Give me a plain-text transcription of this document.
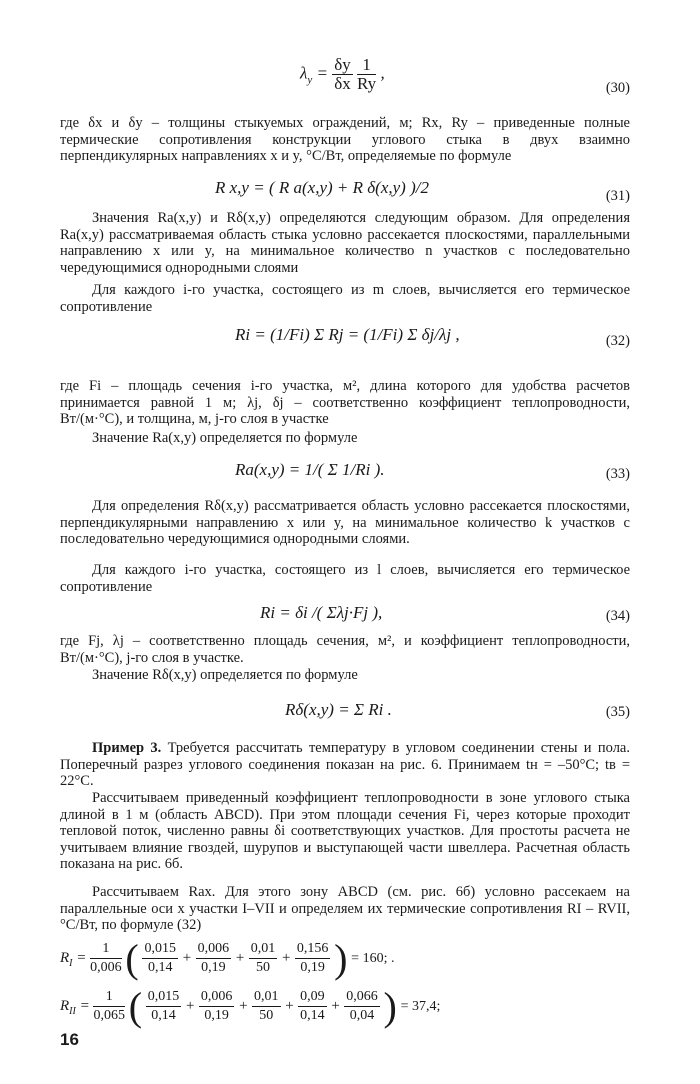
$\lambda_y = \frac{\delta y}{\delta x}$
$\frac{1}{Ry}$ ,
(30)

где δx и δy – толщины стыкуемых ограждений, м; Rx, Ry – приведенные полные термические сопротивления конструкции углового стыка в двух взаимно перпендикулярных направлениях x и y, °С/Вт, определяемые по формуле

R x,y = ( R a(x,y) + R δ(x,y) )/2	(31)

Значения Ra(x,y) и Rδ(x,y) определяются следующим образом. Для определения Ra(x,y) рассматриваемая область стыка условно рассекается плоскостями, параллельными направлению x или y, на минимальное количество n участков с последовательно чередующимися однородными слоями

Для каждого i-го участка, состоящего из m слоев, вычисляется его термическое сопротивление

Ri = (1/Fi) Σ Rj = (1/Fi) Σ δj/λj ,	(32)

где Fi – площадь сечения i-го участка, м², длина которого для удобства расчетов принимается равной 1 м; λj, δj – соответственно коэффициент теплопроводности, Вт/(м·°С), и толщина, м, j-го слоя в участке

Значение Ra(x,y) определяется по формуле

Ra(x,y) = 1/( Σ 1/Ri ).	(33)

Для определения Rδ(x,y) рассматривается область условно рассекается плоскостями, перпендикулярными направлению x или y, на минимальное количество k участков с последовательно чередующимися однородными слоями.

Для каждого i-го участка, состоящего из l слоев, вычисляется его термическое сопротивление

Ri = δi /( Σλj·Fj ),	(34)

где Fj, λj – соответственно площадь сечения, м², и коэффициент теплопроводности, Вт/(м·°С), j-го слоя в участке.

Значение Rδ(x,y) определяется по формуле

Rδ(x,y) = Σ Ri .	(35)

Пример 3. Требуется рассчитать температуру в угловом соединении стены и пола. Поперечный разрез углового соединения показан на рис. 6. Принимаем tн = –50°С; tв = 22°С.

Рассчитываем приведенный коэффициент теплопроводности в зоне углового стыка длиной в 1 м (область ABCD). При этом площади сечения Fi, через которые проходит тепловой поток, численно равны δi соответствующих участков. Для простоты расчета не учитываем влияние гвоздей, шурупов и выступающей части швеллера. Расчетная область показана на рис. 6б.

Рассчитываем Rax. Для этого зону ABCD (см. рис. 6б) условно рассекаем на параллельные оси x участки I–VII и определяем их термические сопротивления RI – RVII, °С/Вт, по формуле (32)

$R_I = \frac{1}{0,006}$ ( $\frac{0,015}{0,14} + \frac{0,006}{0,19} + \frac{0,01}{50} + \frac{0,156}{0,19}$ ) = 160; .
$R_{II} = \frac{1}{0,065}$ ( $\frac{0,015}{0,14} + \frac{0,006}{0,19} + \frac{0,01}{50} + \frac{0,09}{0,14} + \frac{0,066}{0,04}$ ) = 37,4;
16
